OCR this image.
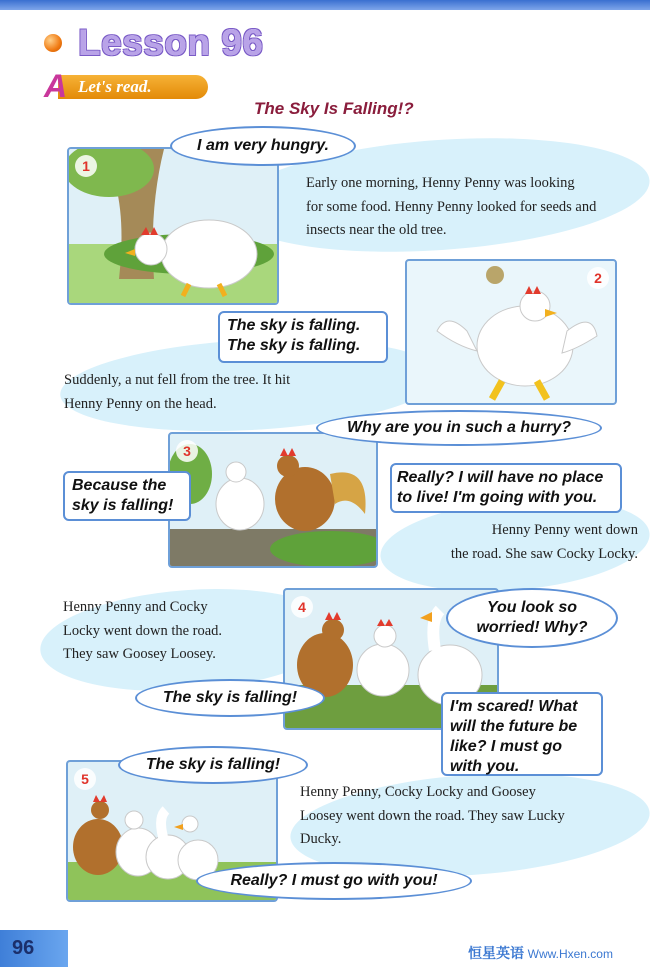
Lesson 96
Let's read.
A
The Sky Is Falling!?
1
I am very hungry.
Early one morning, Henny Penny was looking
for some food. Henny Penny looked for seeds and
insects near the old tree.
2
The sky is falling.
The sky is falling.
Suddenly, a nut fell from the tree. It hit
Henny Penny on the head.
3
Why are you in such a hurry?
Because the
sky is falling!
Really? I will have no place
to live! I'm going with you.
Henny Penny went down
the road. She saw Cocky Locky.
4
Henny Penny and Cocky
Locky went down the road.
They saw Goosey Loosey.
You look so
worried! Why?
The sky is falling!
I'm scared! What
will the future be
like? I must go
with you.
5
The sky is falling!
Henny Penny, Cocky Locky and Goosey
Loosey went down the road. They saw Lucky
Ducky.
Really? I must go with you!
96	恒星英语 Www.Hxen.com
